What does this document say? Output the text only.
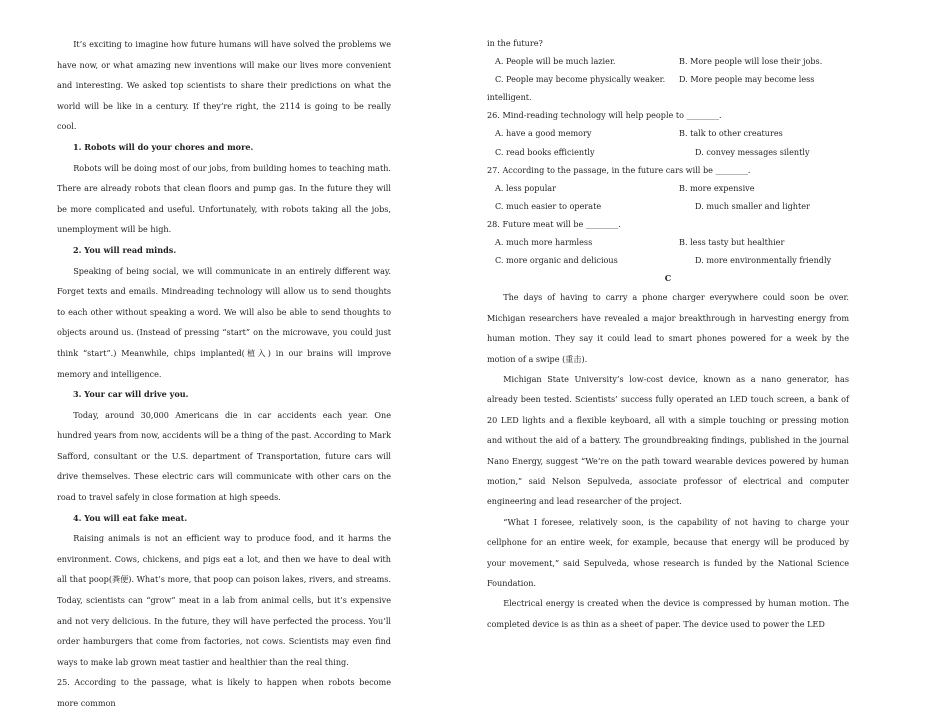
It’s exciting to imagine how future humans will have solved the problems we have now, or what amazing new inventions will make our lives more convenient and interesting. We asked top scientists to share their predictions on what the world will be like in a century. If they’re right, the 2114 is going to be really cool.

1. Robots will do your chores and more.

Robots will be doing most of our jobs, from building homes to teaching math. There are already robots that clean floors and pump gas. In the future they will be more complicated and useful. Unfortunately, with robots taking all the jobs, unemployment will be high.

2. You will read minds.

Speaking of being social, we will communicate in an entirely different way. Forget texts and emails. Mindreading technology will allow us to send thoughts to each other without speaking a word. We will also be able to send thoughts to objects around us. (Instead of pressing “start” on the microwave, you could just think “start”.) Meanwhile, chips implanted(植入) in our brains will improve memory and intelligence.

3. Your car will drive you.

Today, around 30,000 Americans die in car accidents each year. One hundred years from now, accidents will be a thing of the past. According to Mark Safford, consultant or the U.S. department of Transportation, future cars will drive themselves. These electric cars will communicate with other cars on the road to travel safely in close formation at high speeds.

4. You will eat fake meat.

Raising animals is not an efficient way to produce food, and it harms the environment. Cows, chickens, and pigs eat a lot, and then we have to deal with all that poop(粪便). What’s more, that poop can poison lakes, rivers, and streams. Today, scientists can “grow” meat in a lab from animal cells, but it’s expensive and not very delicious. In the future, they will have perfected the process. You’ll order hamburgers that come from factories, not cows. Scientists may even find ways to make lab grown meat tastier and healthier than the real thing.

25. According to the passage, what is likely to happen when robots become more common

in the future?

A. People will be much lazier.	B. More people will lose their jobs.
C. People may become physically weaker.	D. More people may become less

intelligent.

26. Mind-reading technology will help people to ________.

A. have a good memory	B. talk to other creatures
C. read books efficiently	D. convey messages silently

27. According to the passage, in the future cars will be ________.

A. less popular	B. more expensive
C. much easier to operate	D. much smaller and lighter

28. Future meat will be ________.

A. much more harmless	B. less tasty but healthier
C. more organic and delicious	D. more environmentally friendly

C

The days of having to carry a phone charger everywhere could soon be over. Michigan researchers have revealed a major breakthrough in harvesting energy from human motion. They say it could lead to smart phones powered for a week by the motion of a swipe (重击).

Michigan State University’s low-cost device, known as a nano generator, has already been tested. Scientists’ success fully operated an LED touch screen, a bank of 20 LED lights and a flexible keyboard, all with a simple touching or pressing motion and without the aid of a battery. The groundbreaking findings, published in the journal Nano Energy, suggest “We’re on the path toward wearable devices powered by human motion,” said Nelson Sepulveda, associate professor of electrical and computer engineering and lead researcher of the project.

“What I foresee, relatively soon, is the capability of not having to charge your cellphone for an entire week, for example, because that energy will be produced by your movement,” said Sepulveda, whose research is funded by the National Science Foundation.

Electrical energy is created when the device is compressed by human motion. The completed device is as thin as a sheet of paper. The device used to power the LED
